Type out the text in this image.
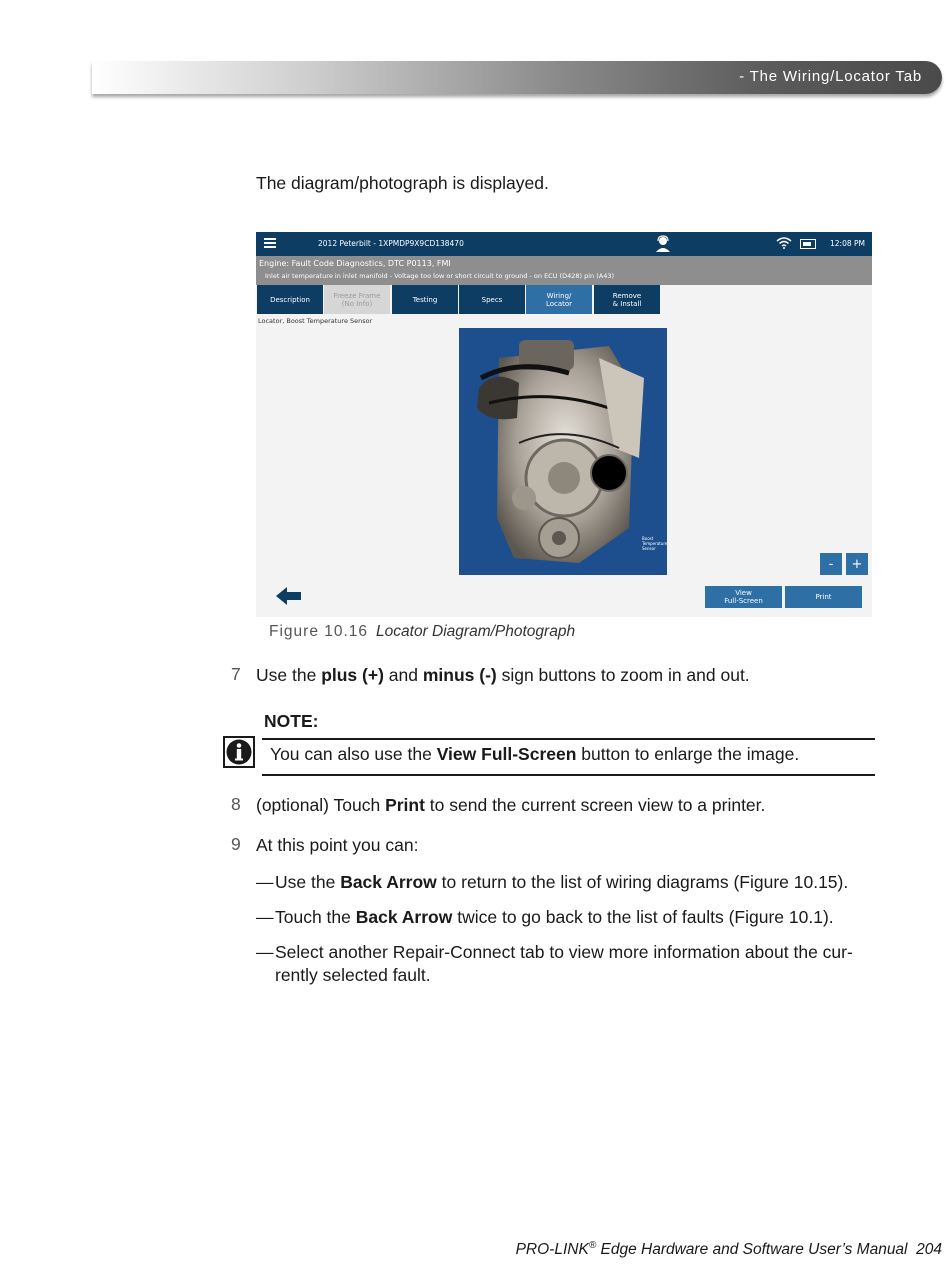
- The Wiring/Locator Tab
The diagram/photograph is displayed.
2012 Peterbilt - 1XPMDP9X9CD138470	12:08 PM
Engine: Fault Code Diagnostics, DTC P0113, FMI
Inlet air temperature in inlet manifold - Voltage too low or short circuit to ground - on ECU (D428) pin (A43)
Description	Freeze Frame
(No Info)	Testing	Specs	Wiring/
Locator
Remove
& Install
Locator, Boost Temperature Sensor
Boost Temperature Sensor
-	+
View
Full-Screen	Print
Figure 10.16 Locator Diagram/Photograph
7 Use the plus (+) and minus (-) sign buttons to zoom in and out.
NOTE:
You can also use the View Full-Screen button to enlarge the image.
8 (optional) Touch Print to send the current screen view to a printer.
9 At this point you can:
—Use the Back Arrow to return to the list of wiring diagrams (Figure 10.15).
—Touch the Back Arrow twice to go back to the list of faults (Figure 10.1).
—Select another Repair-Connect tab to view more information about the cur-
rently selected fault.
PRO-LINK® Edge Hardware and Software User’s Manual 204
